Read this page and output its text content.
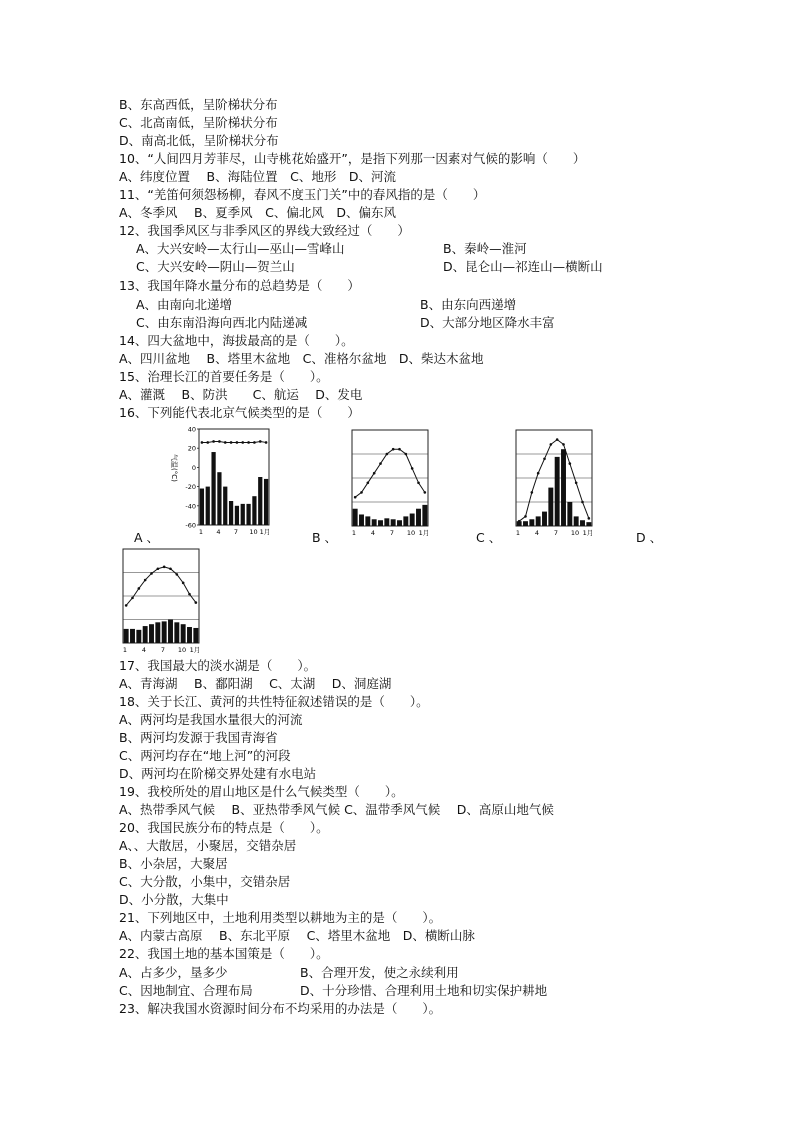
B、东高西低，呈阶梯状分布
C、北高南低，呈阶梯状分布
D、南高北低，呈阶梯状分布
10、“人间四月芳菲尽，山寺桃花始盛开”，是指下列那一因素对气候的影响（　　）
A、纬度位置　 B、海陆位置　C、地形　D、河流
11、“羌笛何须怨杨柳，春风不度玉门关”中的春风指的是（　　）
A、冬季风　 B、夏季风　C、偏北风　D、偏东风
12、我国季风区与非季风区的界线大致经过（　　）
A、大兴安岭—太行山—巫山—雪峰山	B、秦岭—淮河
C、大兴安岭—阴山—贺兰山	D、昆仑山—祁连山—横断山
13、我国年降水量分布的总趋势是（　　）
A、由南向北递增	B、由东向西递增
C、由东南沿海向西北内陆递减	D、大部分地区降水丰富
14、四大盆地中，海拔最高的是（　　）。
A、四川盆地　 B、塔里木盆地　C、准格尔盆地　D、柴达木盆地
15、治理长江的首要任务是（　　）。
A、灌溉　 B、防洪　　C、航运　 D、发电
16、下列能代表北京气候类型的是（　　）
气温(°C)
40
20
0
-20
-40
-60
1 4 7 10 1月
A 、	1 4 7 10 1月
B 、	1 4 7 10 1月
C 、	D 、
1 4 7 10 1月
17、我国最大的淡水湖是（　　）。
A、青海湖　 B、鄱阳湖　 C、太湖　 D、洞庭湖
18、关于长江、黄河的共性特征叙述错误的是（　　）。
A、两河均是我国水量很大的河流
B、两河均发源于我国青海省
C、两河均存在“地上河”的河段
D、两河均在阶梯交界处建有水电站
19、我校所处的眉山地区是什么气候类型（　　）。
A、热带季风气候　 B、亚热带季风气候 C、温带季风气候　 D、高原山地气候
20、我国民族分布的特点是（　　）。
A、、大散居，小聚居，交错杂居
B、小杂居，大聚居
C、大分散，小集中，交错杂居
D、小分散，大集中
21、下列地区中，土地利用类型以耕地为主的是（　　）。
A、内蒙古高原　 B、东北平原　 C、塔里木盆地　D、横断山脉
22、我国土地的基本国策是（　　）。
A、占多少，垦多少	B、合理开发，使之永续利用
C、因地制宜、合理布局	D、十分珍惜、合理利用土地和切实保护耕地
23、解决我国水资源时间分布不均采用的办法是（　　）。
